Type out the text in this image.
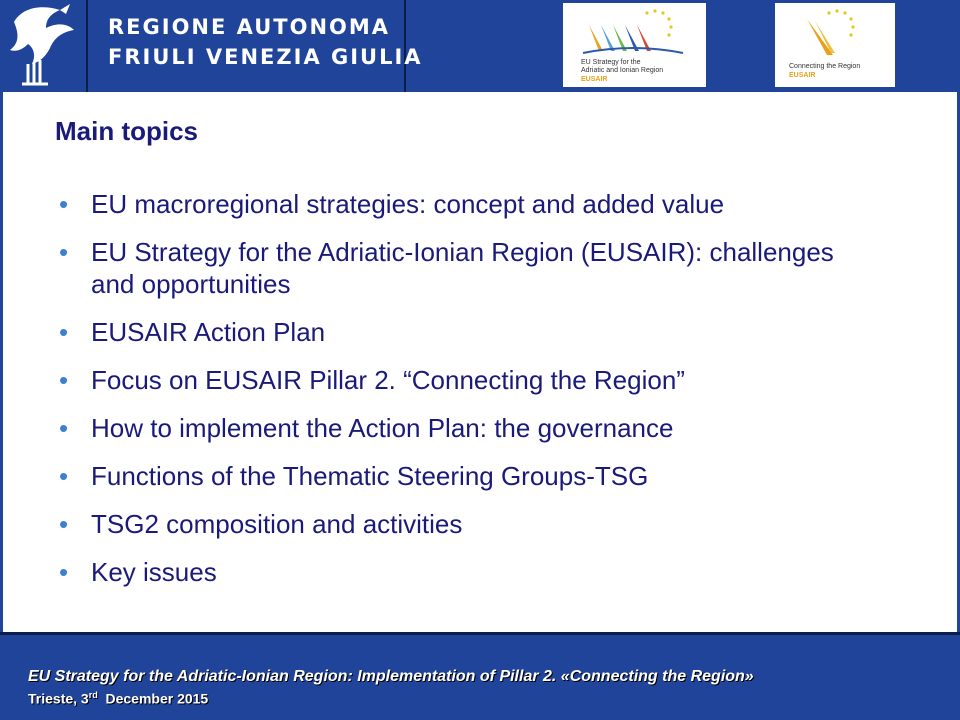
REGIONE AUTONOMA
FRIULI VENEZIA GIULIA	EU Strategy for the
Adriatic and Ionian Region
EUSAIR
Connecting the Region
EUSAIR
Main topics
• EU macroregional strategies: concept and added value
• EU Strategy for the Adriatic-Ionian Region (EUSAIR): challenges and opportunities
• EUSAIR Action Plan
• Focus on EUSAIR Pillar 2. “Connecting the Region”
• How to implement the Action Plan: the governance
• Functions of the Thematic Steering Groups-TSG
• TSG2 composition and activities
• Key issues
EU Strategy for the Adriatic-Ionian Region: Implementation of Pillar 2. «Connecting the Region»
Trieste, 3rd  December 2015
